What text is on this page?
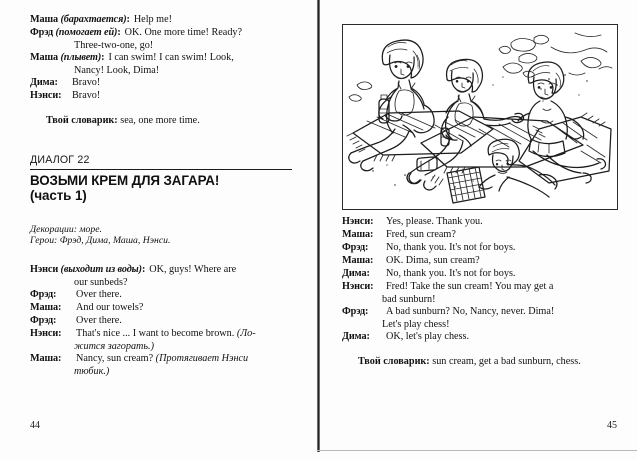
Маша (барахтается): Help me!
Фрэд (помогает ей): OK. One more time! Ready?
Three-two-one, go!
Маша (плывет): I can swim! I can swim! Look,
Nancy! Look, Dima!
Дима:	Bravo!
Нэнси:	Bravo!
Твой словарик: sea, one more time.
ДИАЛОГ 22
ВОЗЬМИ КРЕМ ДЛЯ ЗАГАРА!
(часть 1)
Декорации: море.
Герои: Фрэд, Дима, Маша, Нэнси.
Нэнси (выходит из воды): OK, guys! Where are
our sunbeds?
Фрэд:	Over there.
Маша:	And our towels?
Фрэд:	Over there.
Нэнси:	That's nice ... I want to become brown. (Ло-
жится загорать.)
Маша:	Nancy, sun cream? (Протягивает Нэнси
тюбик.)
44
Нэнси:	Yes, please. Thank you.
Маша:	Fred, sun cream?
Фрэд:	No, thank you. It's not for boys.
Маша:	OK. Dima, sun cream?
Дима:	No, thank you. It's not for boys.
Нэнси:	Fred! Take the sun cream! You may get a
bad sunburn!
Фрэд:	A bad sunburn? No, Nancy, never. Dima!
Let's play chess!
Дима:	OK, let's play chess.
Твой словарик: sun cream, get a bad sunburn, chess.
45
